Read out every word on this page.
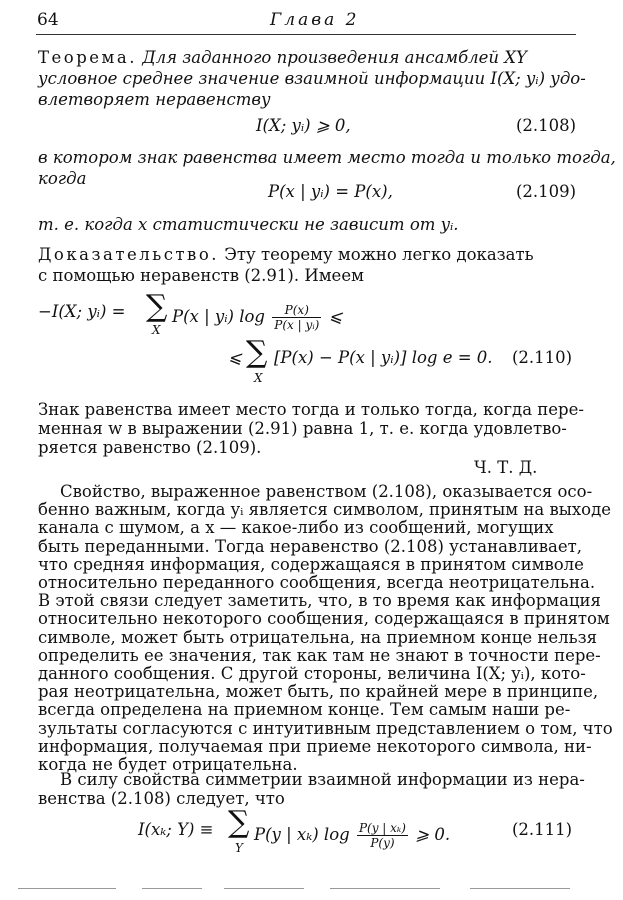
64	Глава 2
Теорема. Для заданного произведения ансамблей XY
условное среднее значение взаимной информации I(X; yᵢ) удо-
влетворяет неравенству
I(X; yᵢ) ⩾ 0,	(2.108)
в котором знак равенства имеет место тогда и только тогда,
когда
P(x | yᵢ) = P(x),	(2.109)
т. е. когда x статистически не зависит от yᵢ.
Доказательство. Эту теорему можно легко доказать
с помощью неравенств (2.91). Имеем
−I(X; yᵢ) = ∑
X
P(x | yᵢ) $\log \frac{P(x)}{\text{P(x | yᵢ)}}$ ⩽
⩽ ∑
X
[P(x) − P(x | yᵢ)] log e = 0. (2.110)
Знак равенства имеет место тогда и только тогда, когда пере-
менная w в выражении (2.91) равна 1, т. е. когда удовлетво-
ряется равенство (2.109).
Ч. Т. Д.
Свойство, выраженное равенством (2.108), оказывается осо-
бенно важным, когда yᵢ является символом, принятым на выходе
канала с шумом, а x — какое-либо из сообщений, могущих
быть переданными. Тогда неравенство (2.108) устанавливает,
что средняя информация, содержащаяся в принятом символе
относительно переданного сообщения, всегда неотрицательна.
В этой связи следует заметить, что, в то время как информация
относительно некоторого сообщения, содержащаяся в принятом
символе, может быть отрицательна, на приемном конце нельзя
определить ее значения, так как там не знают в точности пере-
данного сообщения. С другой стороны, величина I(X; yᵢ), кото-
рая неотрицательна, может быть, по крайней мере в принципе,
всегда определена на приемном конце. Тем самым наши ре-
зультаты согласуются с интуитивным представлением о том, что
информация, получаемая при приеме некоторого символа, ни-
когда не будет отрицательна.
В силу свойства симметрии взаимной информации из нера-
венства (2.108) следует, что
I(xₖ; Y) ≡ ∑
Y
P(y | xₖ) $\log \frac{\text{P(y | xₖ)}}{P(y)}$ ⩾ 0.	(2.111)
